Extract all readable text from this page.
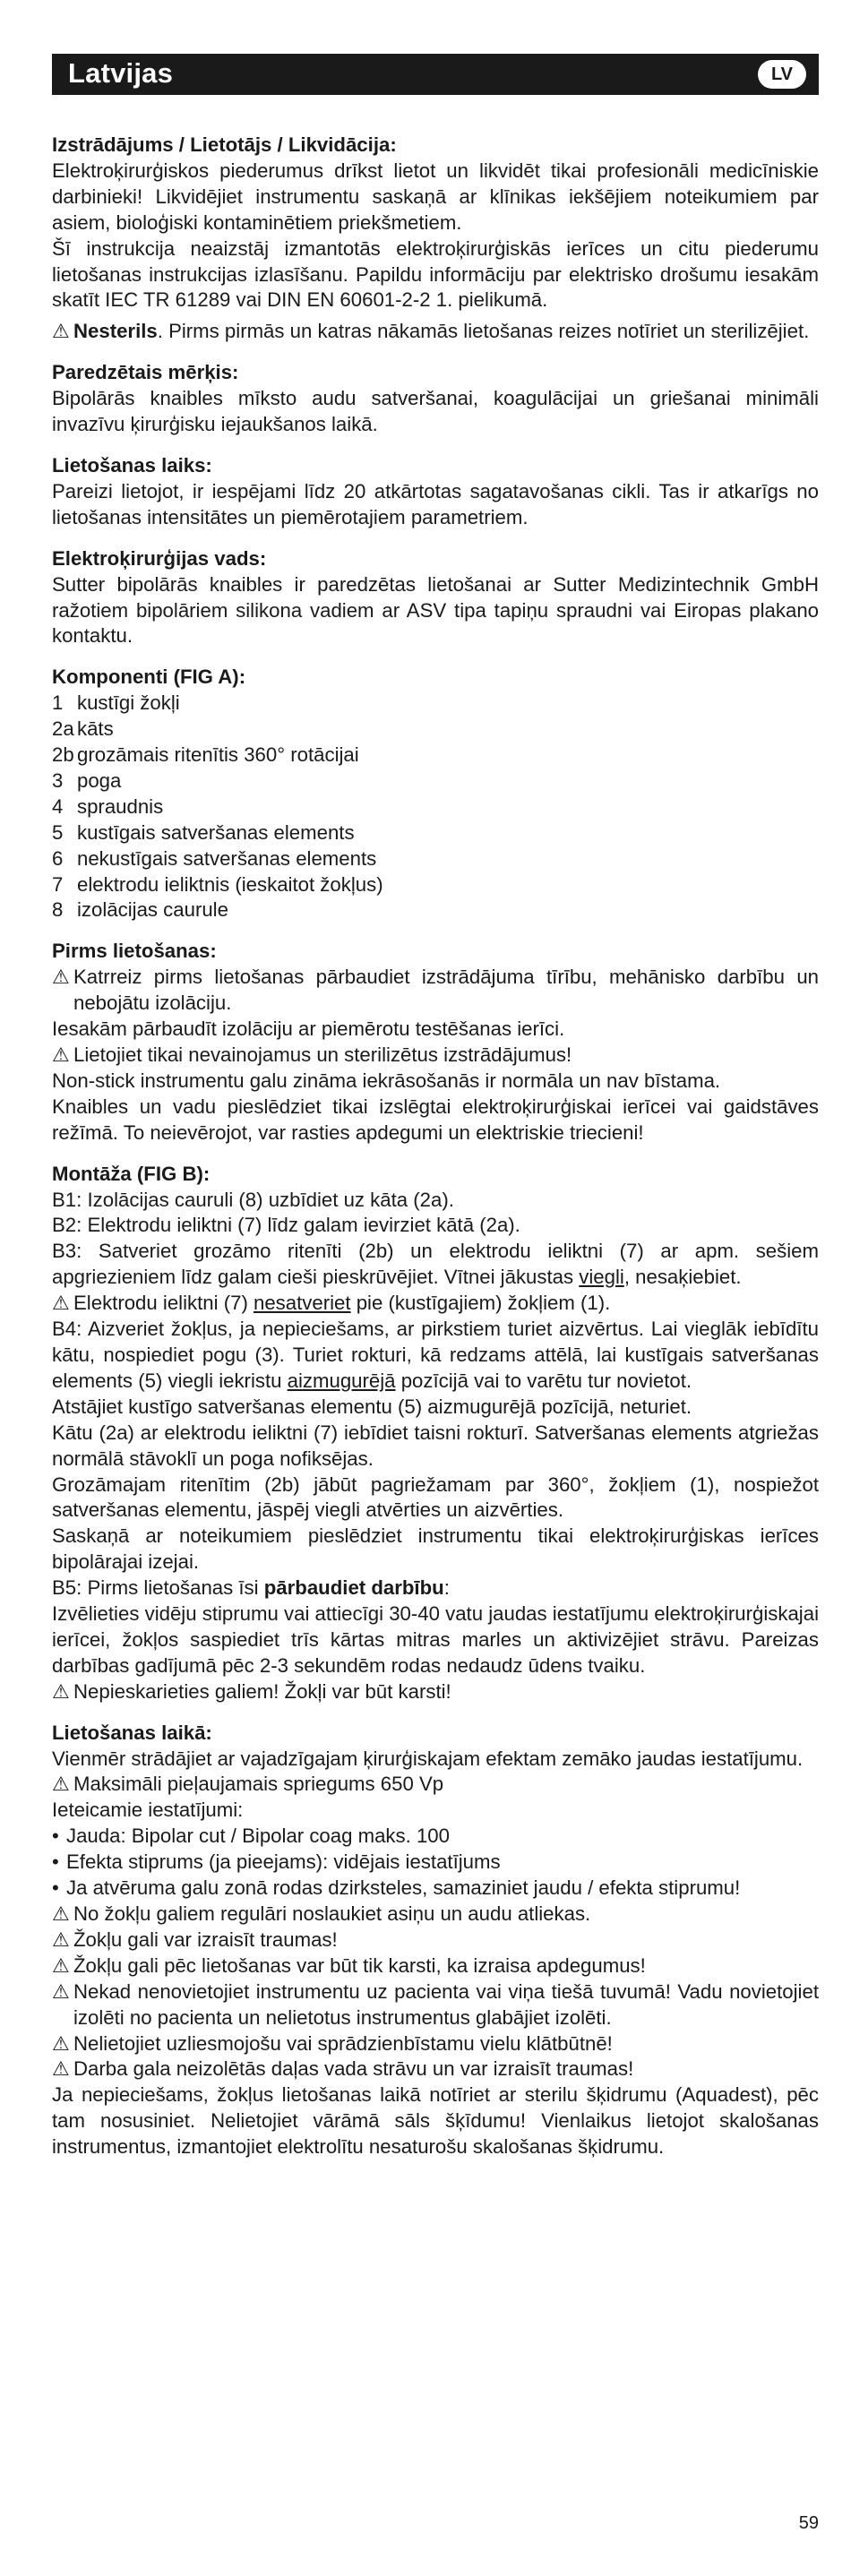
Latvijas	LV
Izstrādājums / Lietotājs / Likvidācija:

Elektroķirurģiskos piederumus drīkst lietot un likvidēt tikai profesionāli medicīniskie darbinieki! Likvidējiet instrumentu saskaņā ar klīnikas iekšējiem noteikumiem par asiem, bioloģiski kontaminētiem priekšmetiem.

Šī instrukcija neaizstāj izmantotās elektroķirurģiskās ierīces un citu piederumu lietošanas instrukcijas izlasīšanu. Papildu informāciju par elektrisko drošumu iesakām skatīt IEC TR 61289 vai DIN EN 60601-2-2 1. pielikumā.

⚠ Nesterils. Pirms pirmās un katras nākamās lietošanas reizes notīriet un sterilizējiet.
Paredzētais mērķis:

Bipolārās knaibles mīksto audu satveršanai, koagulācijai un griešanai minimāli invazīvu ķirurģisku iejaukšanos laikā.

Lietošanas laiks:

Pareizi lietojot, ir iespējami līdz 20 atkārtotas sagatavošanas cikli. Tas ir atkarīgs no lietošanas intensitātes un piemērotajiem parametriem.

Elektroķirurģijas vads:

Sutter bipolārās knaibles ir paredzētas lietošanai ar Sutter Medizintechnik GmbH ražotiem bipolāriem silikona vadiem ar ASV tipa tapiņu spraudni vai Eiropas plakano kontaktu.

Komponenti (FIG A):
1 kustīgi žokļi
2a kāts
2b grozāmais ritenītis 360° rotācijai
3 poga
4 spraudnis
5 kustīgais satveršanas elements
6 nekustīgais satveršanas elements
7 elektrodu ieliktnis (ieskaitot žokļus)
8 izolācijas caurule
Pirms lietošanas:
⚠ Katrreiz pirms lietošanas pārbaudiet izstrādājuma tīrību, mehānisko darbību un nebojātu izolāciju.

Iesakām pārbaudīt izolāciju ar piemērotu testēšanas ierīci.

⚠ Lietojiet tikai nevainojamus un sterilizētus izstrādājumus!

Non-stick instrumentu galu zināma iekrāsošanās ir normāla un nav bīstama.

Knaibles un vadu pieslēdziet tikai izslēgtai elektroķirurģiskai ierīcei vai gaidstāves režīmā. To neievērojot, var rasties apdegumi un elektriskie triecieni!

Montāža (FIG B):

B1: Izolācijas cauruli (8) uzbīdiet uz kāta (2a).

B2: Elektrodu ieliktni (7) līdz galam ievirziet kātā (2a).

B3: Satveriet grozāmo ritenīti (2b) un elektrodu ieliktni (7) ar apm. sešiem apgriezieniem līdz galam cieši pieskrūvējiet. Vītnei jākustas viegli, nesaķiebiet.

⚠ Elektrodu ieliktni (7) nesatveriet pie (kustīgajiem) žokļiem (1).

B4: Aizveriet žokļus, ja nepieciešams, ar pirkstiem turiet aizvērtus. Lai vieglāk iebīdītu kātu, nospiediet pogu (3). Turiet rokturi, kā redzams attēlā, lai kustīgais satveršanas elements (5) viegli iekristu aizmugurējā pozīcijā vai to varētu tur novietot.

Atstājiet kustīgo satveršanas elementu (5) aizmugurējā pozīcijā, neturiet.

Kātu (2a) ar elektrodu ieliktni (7) iebīdiet taisni rokturī. Satveršanas elements atgriežas normālā stāvoklī un poga nofiksējas.

Grozāmajam ritenītim (2b) jābūt pagriežamam par 360°, žokļiem (1), nospiežot satveršanas elementu, jāspēj viegli atvērties un aizvērties.

Saskaņā ar noteikumiem pieslēdziet instrumentu tikai elektroķirurģiskas ierīces bipolārajai izejai.

B5: Pirms lietošanas īsi pārbaudiet darbību:

Izvēlieties vidēju stiprumu vai attiecīgi 30-40 vatu jaudas iestatījumu elektroķirurģiskajai ierīcei, žokļos saspiediet trīs kārtas mitras marles un aktivizējiet strāvu. Pareizas darbības gadījumā pēc 2-3 sekundēm rodas nedaudz ūdens tvaiku.

⚠ Nepieskarieties galiem! Žokļi var būt karsti!
Lietošanas laikā:

Vienmēr strādājiet ar vajadzīgajam ķirurģiskajam efektam zemāko jaudas iestatījumu.

⚠ Maksimāli pieļaujamais spriegums 650 Vp

Ieteicamie iestatījumi:

• Jauda: Bipolar cut / Bipolar coag maks. 100
• Efekta stiprums (ja pieejams): vidējais iestatījums
• Ja atvēruma galu zonā rodas dzirksteles, samaziniet jaudu / efekta stiprumu!
⚠ No žokļu galiem regulāri noslaukiet asiņu un audu atliekas.
⚠ Žokļu gali var izraisīt traumas!
⚠ Žokļu gali pēc lietošanas var būt tik karsti, ka izraisa apdegumus!
⚠ Nekad nenovietojiet instrumentu uz pacienta vai viņa tiešā tuvumā! Vadu novietojiet izolēti no pacienta un nelietotus instrumentus glabājiet izolēti.
⚠ Nelietojiet uzliesmojošu vai sprādzienbīstamu vielu klātbūtnē!
⚠ Darba gala neizolētās daļas vada strāvu un var izraisīt traumas!

Ja nepieciešams, žokļus lietošanas laikā notīriet ar sterilu šķidrumu (Aquadest), pēc tam nosusiniet. Nelietojiet vārāmā sāls šķīdumu! Vienlaikus lietojot skalošanas instrumentus, izmantojiet elektrolītu nesaturošu skalošanas šķidrumu.

59
